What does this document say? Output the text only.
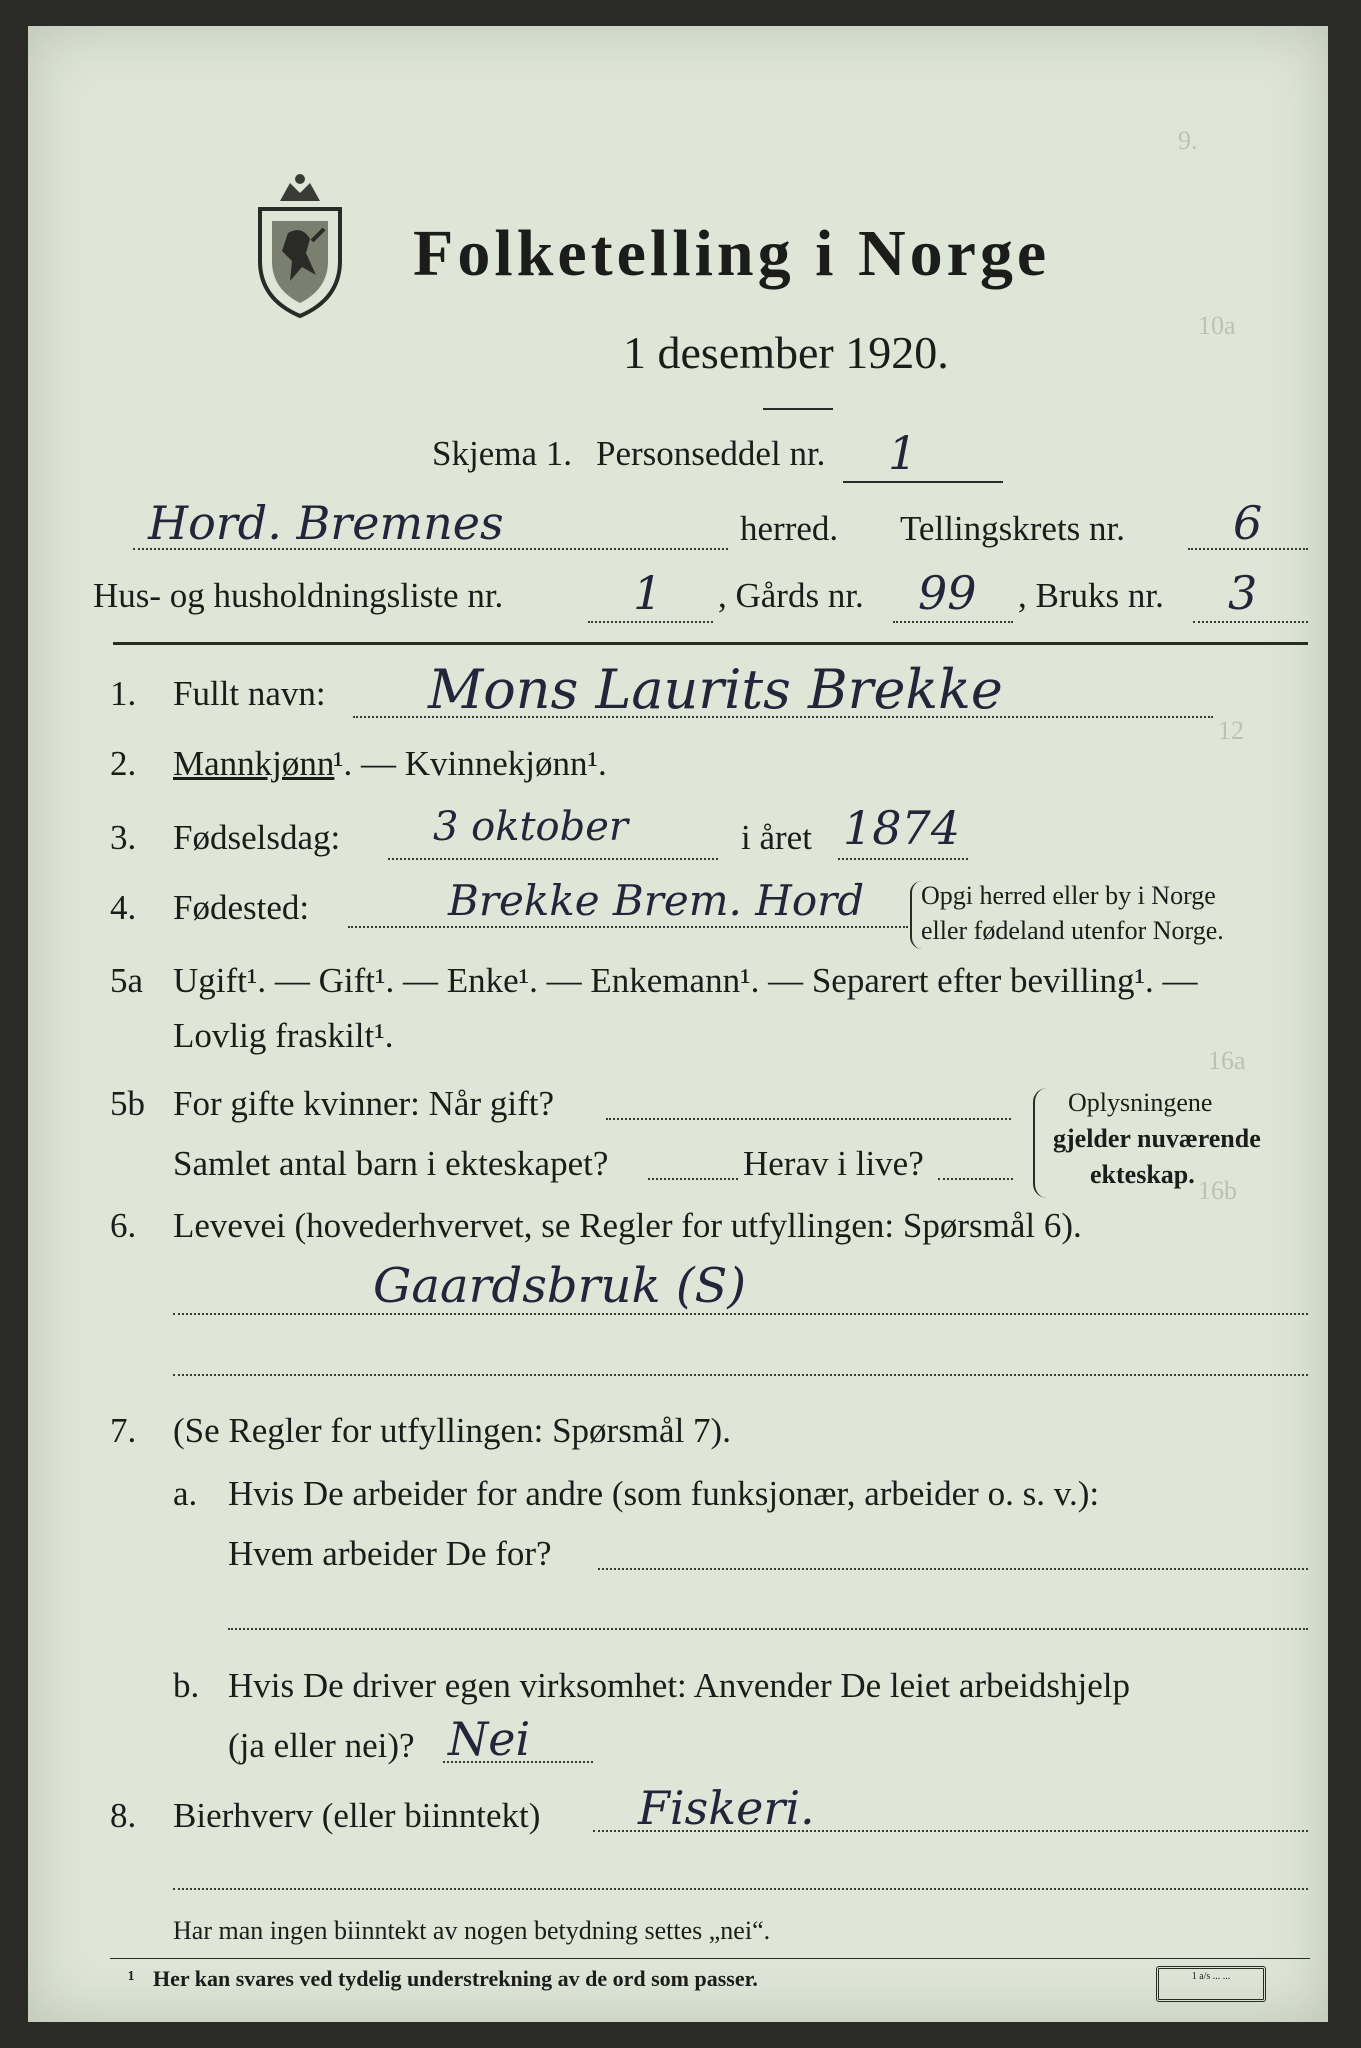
9.
10a
12
16a
16b
Folketelling i Norge
1 desember 1920.
Skjema 1. Personseddel nr. 1
Hord. Bremnes	herred. Tellingskrets nr. 6
Hus- og husholdningsliste nr.	1 , Gårds nr. 99 , Bruks nr. 3
1. Fullt navn: Mons Laurits Brekke
2. Mannkjønn
¹. — Kvinnekjønn¹.
3. Fødselsdag: 3 oktober	i året 1874
4. Fødested:	Brekke Brem. Hord Opgi herred eller by i Norge
eller fødeland utenfor Norge.
5a Ugift¹. — Gift¹. — Enke¹. — Enkemann¹. — Separert efter bevilling¹. —
Lovlig fraskilt¹.
5b For gifte kvinner: Når gift?
Samlet antal barn i ekteskapet?	Herav i live?
Oplysningene
gjelder nuværende
ekteskap.
6. Levevei (hovederhvervet, se Regler for utfyllingen: Spørsmål 6).
Gaardsbruk (S)
7. (Se Regler for utfyllingen: Spørsmål 7).
a. Hvis De arbeider for andre (som funksjonær, arbeider o. s. v.):
Hvem arbeider De for?
b. Hvis De driver egen virksomhet: Anvender De leiet arbeidshjelp
(ja eller nei)? Nei
8. Bierhverv (eller biinntekt) Fiskeri.
Har man ingen biinntekt av nogen betydning settes „nei“.
¹ Her kan svares ved tydelig understrekning av de ord som passer.	1 a/s ... ...
